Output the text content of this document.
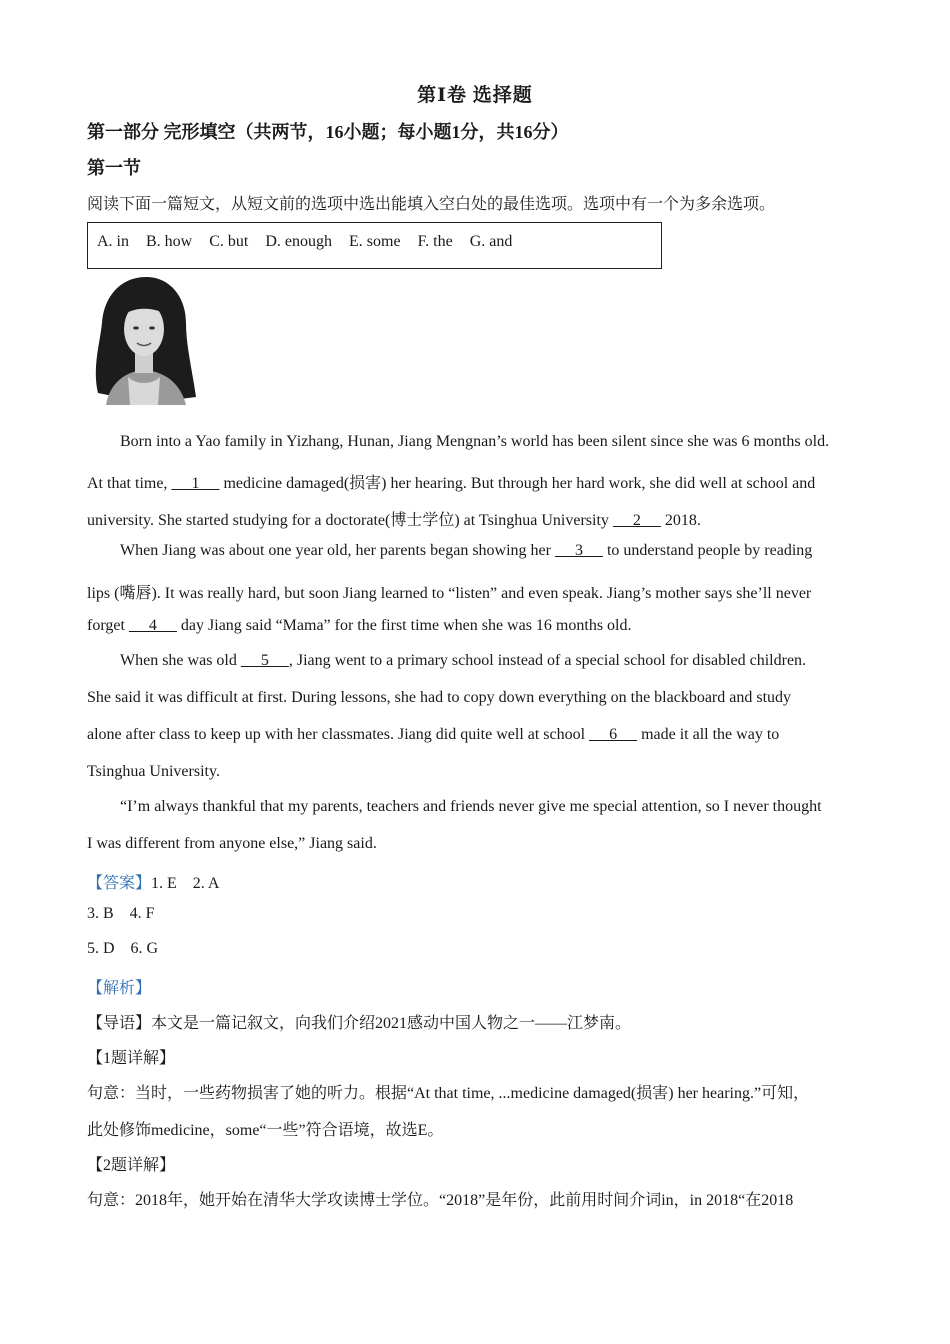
第Ⅰ卷 选择题
第一部分 完形填空（共两节，16小题；每小题1分，共16分）
第一节
阅读下面一篇短文，从短文前的选项中选出能填入空白处的最佳选项。选项中有一个为多余选项。
A. in B. how C. but D. enough E. some F. the G. and
Born into a Yao family in Yizhang, Hunan, Jiang Mengnan’s world has been silent since she was 6 months old.
At that time,      1      medicine damaged(损害) her hearing. But through her hard work, she did well at school and
university. She started studying for a doctorate(博士学位) at Tsinghua University      2      2018.
When Jiang was about one year old, her parents began showing her      3      to understand people by reading
lips (嘴唇). It was really hard, but soon Jiang learned to “listen” and even speak. Jiang’s mother says she’ll never
forget      4      day Jiang said “Mama” for the first time when she was 16 months old.
When she was old      5     , Jiang went to a primary school instead of a special school for disabled children.
She said it was difficult at first. During lessons, she had to copy down everything on the blackboard and study
alone after class to keep up with her classmates. Jiang did quite well at school      6      made it all the way to
Tsinghua University.
“I’m always thankful that my parents, teachers and friends never give me special attention, so I never thought
I was different from anyone else,” Jiang said.
【答案】1. E    2. A
3. B    4. F
5. D    6. G
【解析】
【导语】本文是一篇记叙文，向我们介绍2021感动中国人物之一——江梦南。
【1题详解】
句意：当时，一些药物损害了她的听力。根据“At that time, ...medicine damaged(损害) her hearing.”可知，
此处修饰medicine，some“一些”符合语境，故选E。
【2题详解】
句意：2018年，她开始在清华大学攻读博士学位。“2018”是年份，此前用时间介词in，in 2018“在2018
